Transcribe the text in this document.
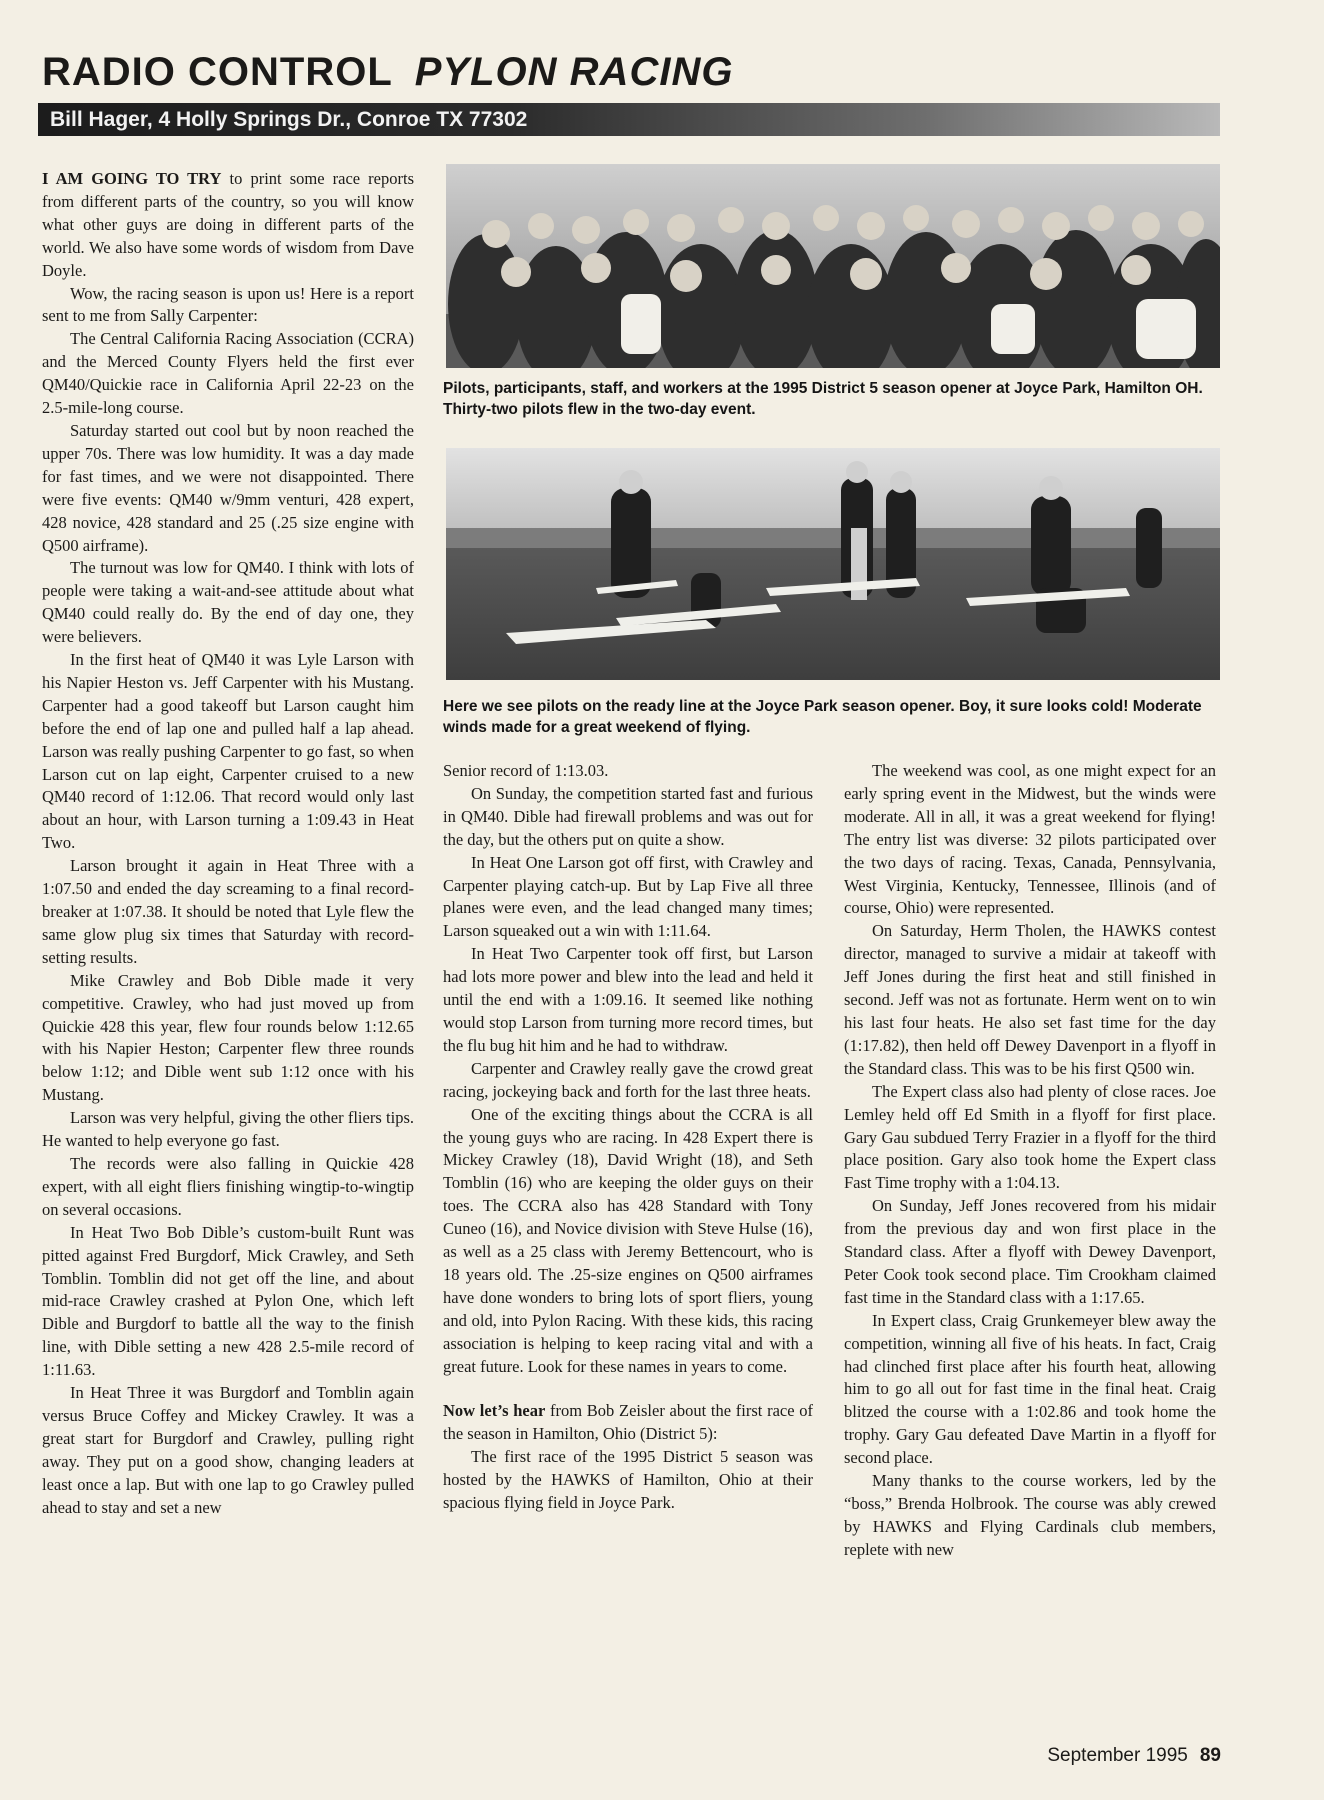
RADIO CONTROL PYLON RACING
Bill Hager, 4 Holly Springs Dr., Conroe TX 77302

I AM GOING TO TRY to print some race reports from different parts of the country, so you will know what other guys are doing in different parts of the world. We also have some words of wisdom from Dave Doyle.

Wow, the racing season is upon us! Here is a report sent to me from Sally Carpenter:

The Central California Racing Association (CCRA) and the Merced County Flyers held the first ever QM40/Quickie race in California April 22-23 on the 2.5-mile-long course.

Saturday started out cool but by noon reached the upper 70s. There was low humidity. It was a day made for fast times, and we were not disappointed. There were five events: QM40 w/9mm venturi, 428 expert, 428 novice, 428 standard and 25 (.25 size engine with Q500 airframe).

The turnout was low for QM40. I think with lots of people were taking a wait-and-see attitude about what QM40 could really do. By the end of day one, they were believers.

In the first heat of QM40 it was Lyle Larson with his Napier Heston vs. Jeff Carpenter with his Mustang. Carpenter had a good takeoff but Larson caught him before the end of lap one and pulled half a lap ahead. Larson was really pushing Carpenter to go fast, so when Larson cut on lap eight, Carpenter cruised to a new QM40 record of 1:12.06. That record would only last about an hour, with Larson turning a 1:09.43 in Heat Two.

Larson brought it again in Heat Three with a 1:07.50 and ended the day screaming to a final record-breaker at 1:07.38. It should be noted that Lyle flew the same glow plug six times that Saturday with record-setting results.

Mike Crawley and Bob Dible made it very competitive. Crawley, who had just moved up from Quickie 428 this year, flew four rounds below 1:12.65 with his Napier Heston; Carpenter flew three rounds below 1:12; and Dible went sub 1:12 once with his Mustang.

Larson was very helpful, giving the other fliers tips. He wanted to help everyone go fast.

The records were also falling in Quickie 428 expert, with all eight fliers finishing wingtip-to-wingtip on several occasions.

In Heat Two Bob Dible’s custom-built Runt was pitted against Fred Burgdorf, Mick Crawley, and Seth Tomblin. Tomblin did not get off the line, and about mid-race Crawley crashed at Pylon One, which left Dible and Burgdorf to battle all the way to the finish line, with Dible setting a new 428 2.5-mile record of 1:11.63.

In Heat Three it was Burgdorf and Tomblin again versus Bruce Coffey and Mickey Crawley. It was a great start for Burgdorf and Crawley, pulling right away. They put on a good show, changing leaders at least once a lap. But with one lap to go Crawley pulled ahead to stay and set a new

Pilots, participants, staff, and workers at the 1995 District 5 season opener at Joyce Park, Hamilton OH. Thirty-two pilots flew in the two-day event.
Here we see pilots on the ready line at the Joyce Park season opener. Boy, it sure looks cold! Moderate winds made for a great weekend of flying.

Senior record of 1:13.03.

On Sunday, the competition started fast and furious in QM40. Dible had firewall problems and was out for the day, but the others put on quite a show.

In Heat One Larson got off first, with Crawley and Carpenter playing catch-up. But by Lap Five all three planes were even, and the lead changed many times; Larson squeaked out a win with 1:11.64.

In Heat Two Carpenter took off first, but Larson had lots more power and blew into the lead and held it until the end with a 1:09.16. It seemed like nothing would stop Larson from turning more record times, but the flu bug hit him and he had to withdraw.

Carpenter and Crawley really gave the crowd great racing, jockeying back and forth for the last three heats.

One of the exciting things about the CCRA is all the young guys who are racing. In 428 Expert there is Mickey Crawley (18), David Wright (18), and Seth Tomblin (16) who are keeping the older guys on their toes. The CCRA also has 428 Standard with Tony Cuneo (16), and Novice division with Steve Hulse (16), as well as a 25 class with Jeremy Bettencourt, who is 18 years old. The .25-size engines on Q500 airframes have done wonders to bring lots of sport fliers, young and old, into Pylon Racing. With these kids, this racing association is helping to keep racing vital and with a great future. Look for these names in years to come.

Now let’s hear from Bob Zeisler about the first race of the season in Hamilton, Ohio (District 5):

The first race of the 1995 District 5 season was hosted by the HAWKS of Hamilton, Ohio at their spacious flying field in Joyce Park.

The weekend was cool, as one might expect for an early spring event in the Midwest, but the winds were moderate. All in all, it was a great weekend for flying! The entry list was diverse: 32 pilots participated over the two days of racing. Texas, Canada, Pennsylvania, West Virginia, Kentucky, Tennessee, Illinois (and of course, Ohio) were represented.

On Saturday, Herm Tholen, the HAWKS contest director, managed to survive a midair at takeoff with Jeff Jones during the first heat and still finished in second. Jeff was not as fortunate. Herm went on to win his last four heats. He also set fast time for the day (1:17.82), then held off Dewey Davenport in a flyoff in the Standard class. This was to be his first Q500 win.

The Expert class also had plenty of close races. Joe Lemley held off Ed Smith in a flyoff for first place. Gary Gau subdued Terry Frazier in a flyoff for the third place position. Gary also took home the Expert class Fast Time trophy with a 1:04.13.

On Sunday, Jeff Jones recovered from his midair from the previous day and won first place in the Standard class. After a flyoff with Dewey Davenport, Peter Cook took second place. Tim Crookham claimed fast time in the Standard class with a 1:17.65.

In Expert class, Craig Grunkemeyer blew away the competition, winning all five of his heats. In fact, Craig had clinched first place after his fourth heat, allowing him to go all out for fast time in the final heat. Craig blitzed the course with a 1:02.86 and took home the trophy. Gary Gau defeated Dave Martin in a flyoff for second place.

Many thanks to the course workers, led by the “boss,” Brenda Holbrook. The course was ably crewed by HAWKS and Flying Cardinals club members, replete with new

September 1995 89
